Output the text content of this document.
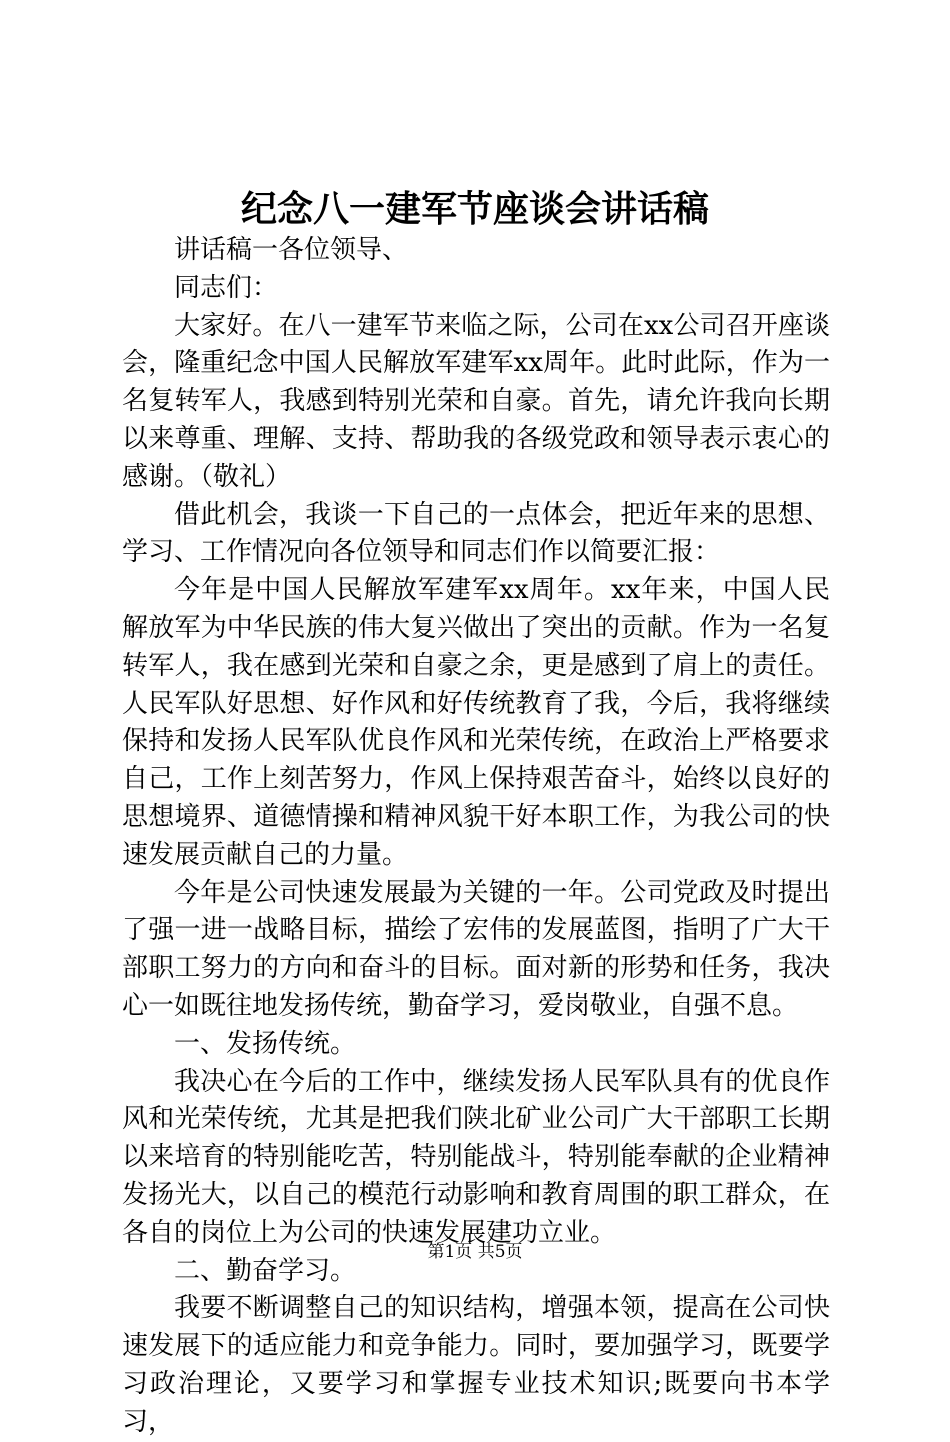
纪念八一建军节座谈会讲话稿

讲话稿一各位领导、

同志们：

大家好。在八一建军节来临之际，公司在xx公司召开座谈会，隆重纪念中国人民解放军建军xx周年。此时此际，作为一名复转军人，我感到特别光荣和自豪。首先，请允许我向长期以来尊重、理解、支持、帮助我的各级党政和领导表示衷心的感谢。（敬礼）

借此机会，我谈一下自己的一点体会，把近年来的思想、学习、工作情况向各位领导和同志们作以简要汇报：

今年是中国人民解放军建军xx周年。xx年来，中国人民解放军为中华民族的伟大复兴做出了突出的贡献。作为一名复转军人，我在感到光荣和自豪之余，更是感到了肩上的责任。人民军队好思想、好作风和好传统教育了我，今后，我将继续保持和发扬人民军队优良作风和光荣传统，在政治上严格要求自己，工作上刻苦努力，作风上保持艰苦奋斗，始终以良好的思想境界、道德情操和精神风貌干好本职工作，为我公司的快速发展贡献自己的力量。

今年是公司快速发展最为关键的一年。公司党政及时提出了强一进一战略目标，描绘了宏伟的发展蓝图，指明了广大干部职工努力的方向和奋斗的目标。面对新的形势和任务，我决心一如既往地发扬传统，勤奋学习，爱岗敬业，自强不息。

一、发扬传统。

我决心在今后的工作中，继续发扬人民军队具有的优良作风和光荣传统，尤其是把我们陕北矿业公司广大干部职工长期以来培育的特别能吃苦，特别能战斗，特别能奉献的企业精神发扬光大，以自己的模范行动影响和教育周围的职工群众，在各自的岗位上为公司的快速发展建功立业。

二、勤奋学习。

我要不断调整自己的知识结构，增强本领，提高在公司快速发展下的适应能力和竞争能力。同时，要加强学习，既要学习政治理论，又要学习和掌握专业技术知识;既要向书本学习，

第1页 共5页
